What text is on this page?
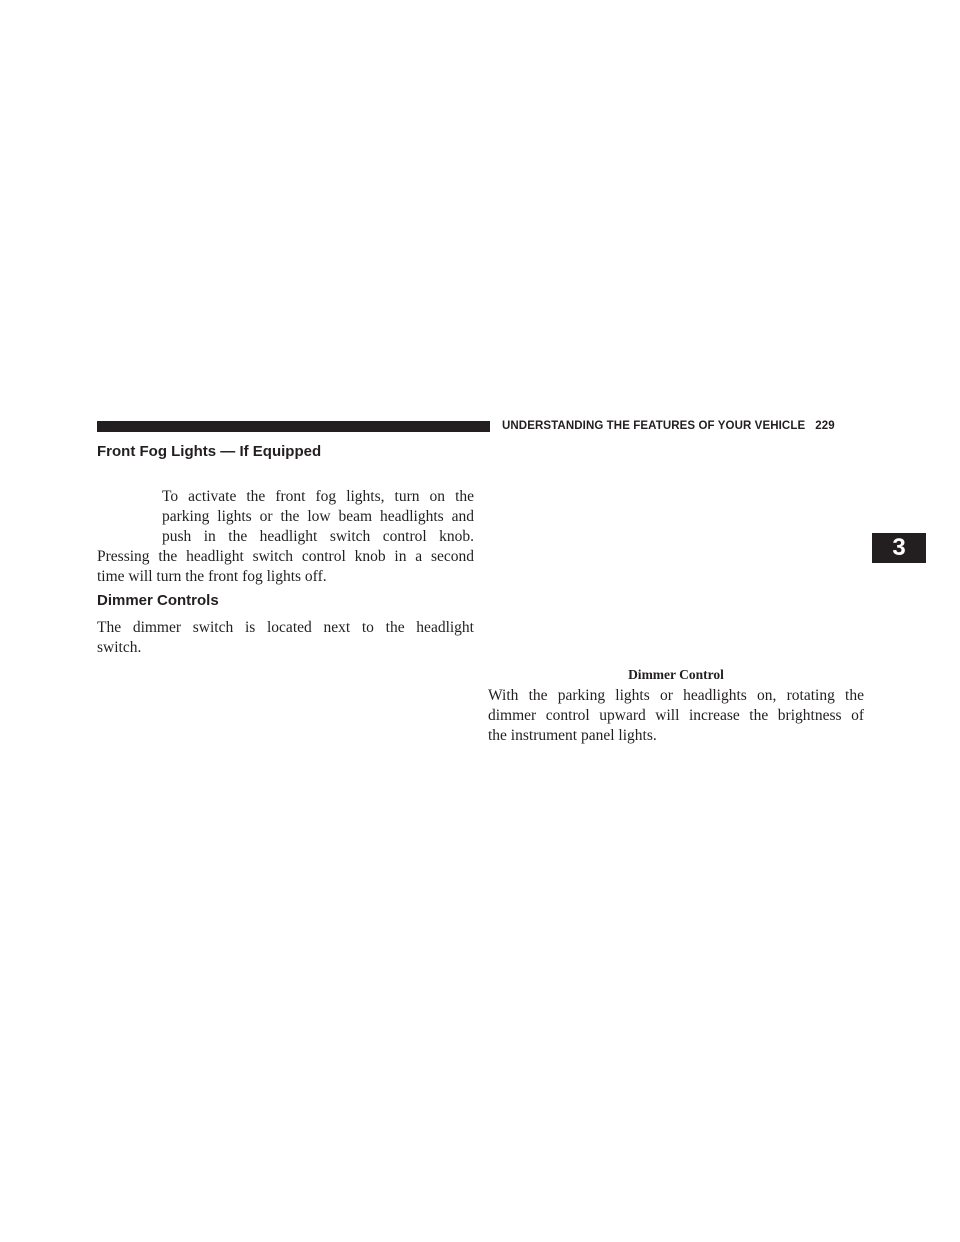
UNDERSTANDING THE FEATURES OF YOUR VEHICLE 229
3
Front Fog Lights — If Equipped
To activate the front fog lights, turn on the
parking lights or the low beam headlights and
push in the headlight switch control knob.
Pressing the headlight switch control knob in a second
time will turn the front fog lights off.
Dimmer Controls
The dimmer switch is located next to the headlight
switch.
Dimmer Control
With the parking lights or headlights on, rotating the
dimmer control upward will increase the brightness of
the instrument panel lights.
